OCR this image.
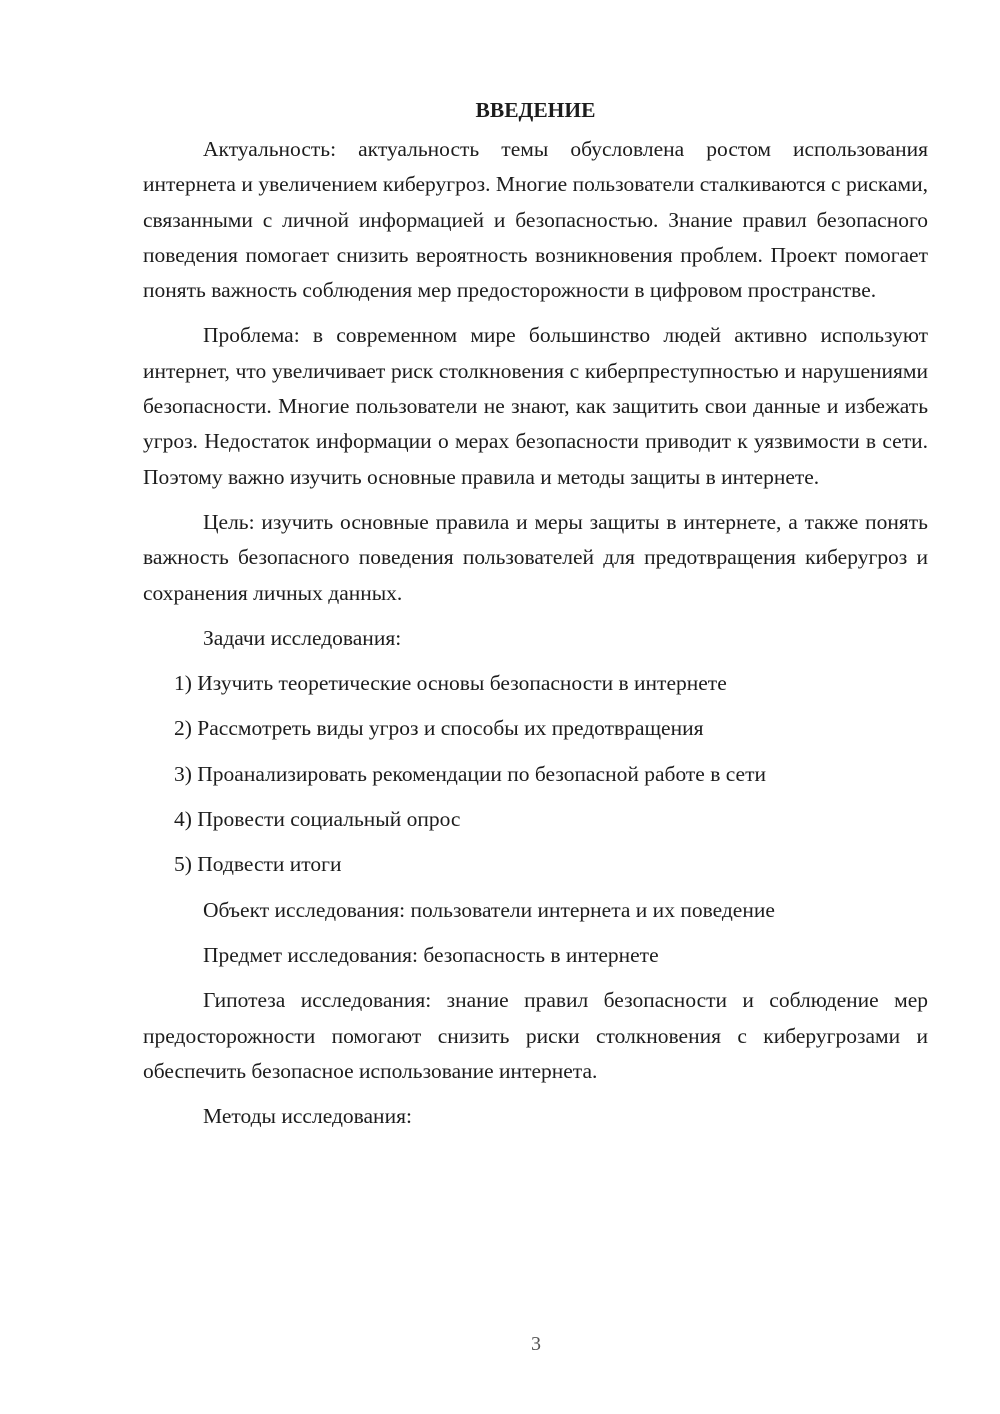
ВВЕДЕНИЕ

Актуальность: актуальность темы обусловлена ростом использования интернета и увеличением киберугроз. Многие пользователи сталкиваются с рисками, связанными с личной информацией и безопасностью. Знание правил безопасного поведения помогает снизить вероятность возникновения проблем. Проект помогает понять важность соблюдения мер предосторожности в цифровом пространстве.

Проблема: в современном мире большинство людей активно используют интернет, что увеличивает риск столкновения с киберпреступностью и нарушениями безопасности. Многие пользователи не знают, как защитить свои данные и избежать угроз. Недостаток информации о мерах безопасности приводит к уязвимости в сети. Поэтому важно изучить основные правила и методы защиты в интернете.

Цель: изучить основные правила и меры защиты в интернете, а также понять важность безопасного поведения пользователей для предотвращения киберугроз и сохранения личных данных.

Задачи исследования:

1) Изучить теоретические основы безопасности в интернете
2) Рассмотреть виды угроз и способы их предотвращения
3) Проанализировать рекомендации по безопасной работе в сети
4) Провести социальный опрос
5) Подвести итоги

Объект исследования: пользователи интернета и их поведение

Предмет исследования: безопасность в интернете

Гипотеза исследования: знание правил безопасности и соблюдение мер предосторожности помогают снизить риски столкновения с киберугрозами и обеспечить безопасное использование интернета.

Методы исследования:

3
